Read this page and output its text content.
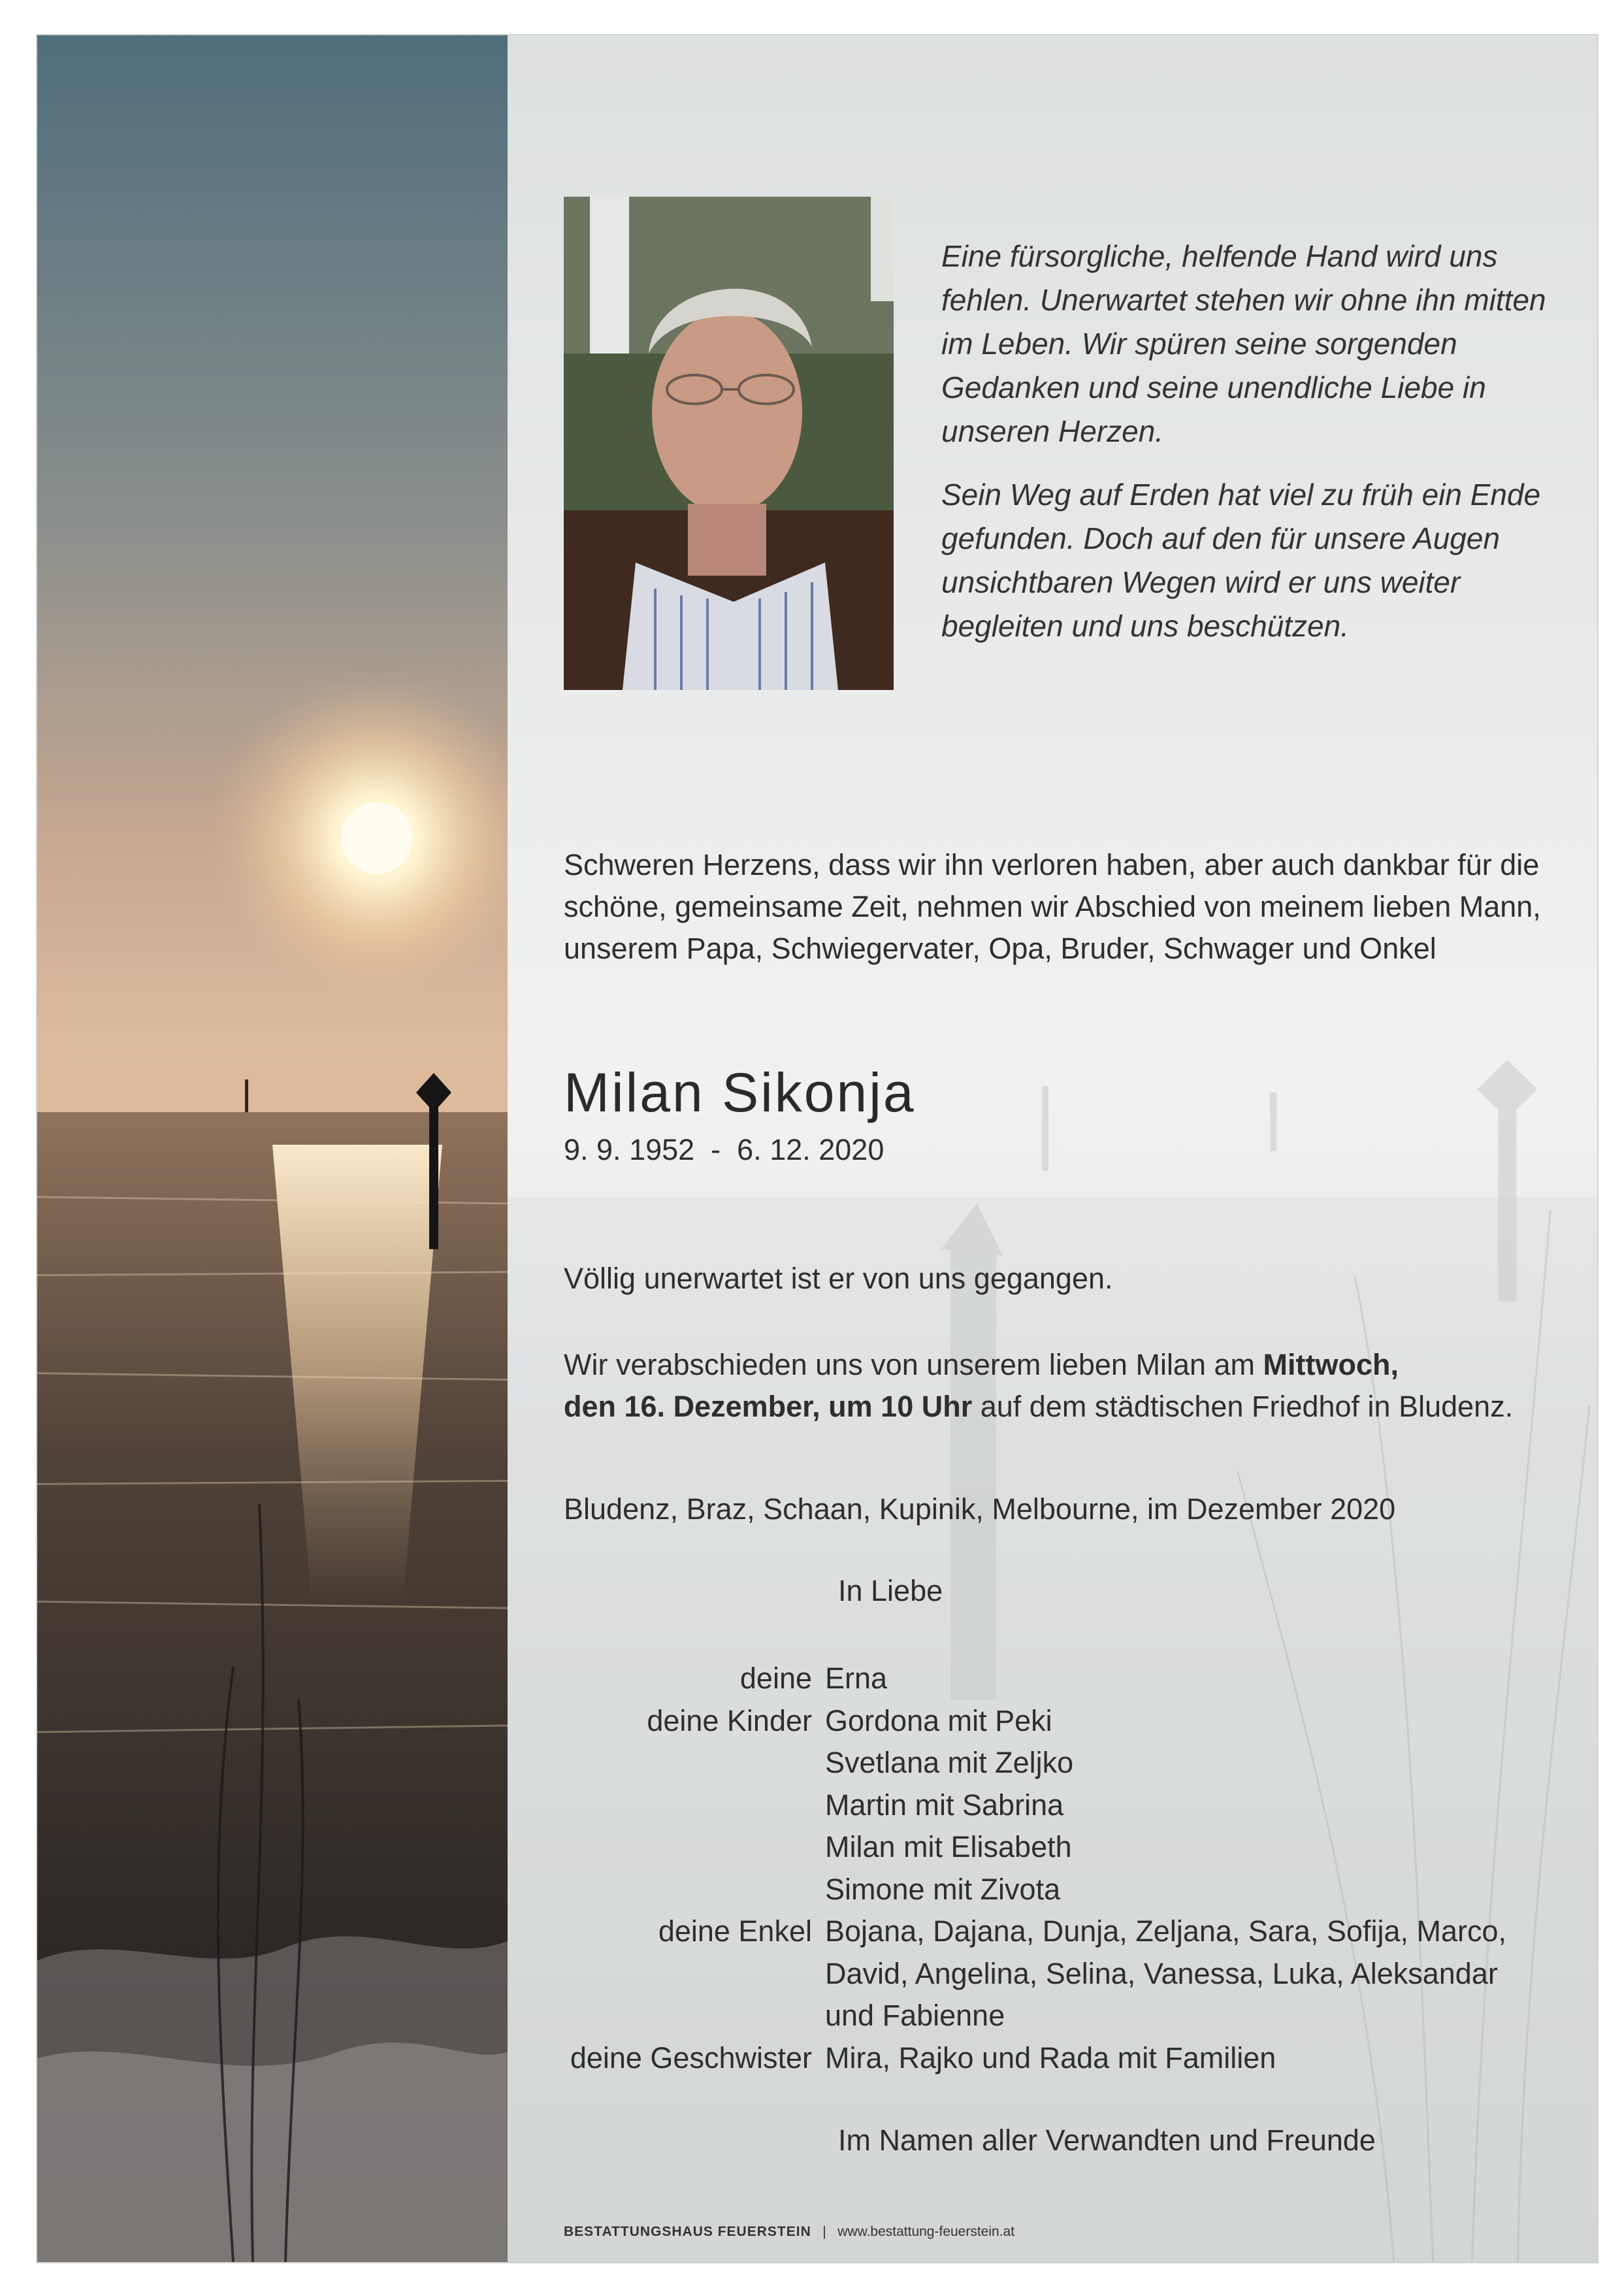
Eine fürsorgliche, helfende Hand wird uns fehlen. Unerwartet stehen wir ohne ihn mitten im Leben. Wir spüren seine sorgenden Gedanken und seine unendliche Liebe in unseren Herzen.

Sein Weg auf Erden hat viel zu früh ein Ende gefunden. Doch auf den für unsere Augen unsichtbaren Wegen wird er uns weiter begleiten und uns beschützen.

Schweren Herzens, dass wir ihn verloren haben, aber auch dankbar für die schöne, gemeinsame Zeit, nehmen wir Abschied von meinem lieben Mann, unserem Papa, Schwiegervater, Opa, Bruder, Schwager und Onkel
Milan Sikonja
9. 9. 1952  -  6. 12. 2020
Völlig unerwartet ist er von uns gegangen.
Wir verabschieden uns von unserem lieben Milan am Mittwoch,
den 16. Dezember, um 10 Uhr auf dem städtischen Friedhof in Bludenz.
Bludenz, Braz, Schaan, Kupinik, Melbourne, im Dezember 2020
In Liebe
deine Erna
deine Kinder Gordona mit Peki
Svetlana mit Zeljko
Martin mit Sabrina
Milan mit Elisabeth
Simone mit Zivota
deine Enkel Bojana, Dajana, Dunja, Zeljana, Sara, Sofija, Marco, David, Angelina, Selina, Vanessa, Luka, Aleksandar und Fabienne
deine Geschwister Mira, Rajko und Rada mit Familien
Im Namen aller Verwandten und Freunde
BESTATTUNGSHAUS FEUERSTEIN | www.bestattung-feuerstein.at
